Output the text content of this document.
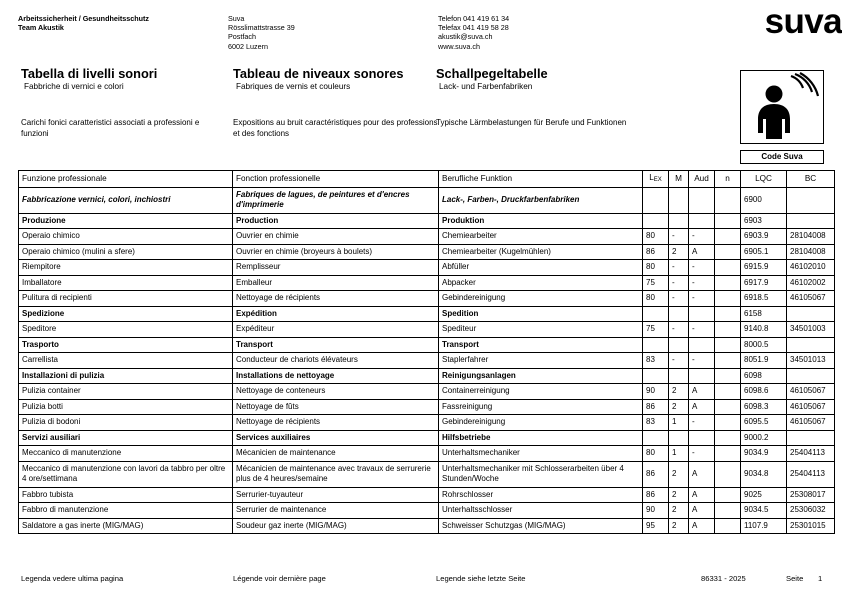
Arbeitssicherheit / Gesundheitsschutz
Team Akustik
Suva
Rösslimattstrasse 39
Postfach
6002 Luzern
Telefon 041 419 61 34
Telefax 041 419 58 28
akustik@suva.ch
www.suva.ch
suva
Tabella di livelli sonori
Fabbriche di vernici e colori
Tableau de niveaux sonores
Fabriques de vernis et couleurs
Schallpegeltabelle
Lack- und Farbenfabriken
Carichi fonici caratteristici associati a professioni e funzioni
Expositions au bruit caractéristiques pour des professions et des fonctions
Typische Lärmbelastungen für Berufe und Funktionen
Code Suva
Funzione professionale	Fonction professionelle	Berufliche Funktion	$L_{EX}$	M	Aud	n	LQC	BC
Fabbricazione vernici, colori, inchiostri	Fabriques de lagues, de peintures et d'encres d'imprimerie	Lack-, Farben-, Druckfarbenfabriken					6900	
Produzione	Production	Produktion					6903	
Operaio chimico	Ouvrier en chimie	Chemiearbeiter	80	-	-		6903.9	28104008
Operaio chimico (mulini a sfere)	Ouvrier en chimie (broyeurs à boulets)	Chemiearbeiter (Kugelmühlen)	86	2	A		6905.1	28104008
Riempitore	Remplisseur	Abfüller	80	-	-		6915.9	46102010
Imballatore	Emballeur	Abpacker	75	-	-		6917.9	46102002
Pulitura di recipienti	Nettoyage de récipients	Gebindereinigung	80	-	-		6918.5	46105067
Spedizione	Expédition	Spedition					6158	
Speditore	Expéditeur	Spediteur	75	-	-		9140.8	34501003
Trasporto	Transport	Transport					8000.5	
Carrellista	Conducteur de chariots élévateurs	Staplerfahrer	83	-	-		8051.9	34501013
Installazioni di pulizia	Installations de nettoyage	Reinigungsanlagen					6098	
Pulizia container	Nettoyage de conteneurs	Containerreinigung	90	2	A		6098.6	46105067
Pulizia botti	Nettoyage de fûts	Fassreinigung	86	2	A		6098.3	46105067
Pulizia di bodoni	Nettoyage de récipients	Gebindereinigung	83	1	-		6095.5	46105067
Servizi ausiliari	Services auxiliaires	Hilfsbetriebe					9000.2	
Meccanico di manutenzione	Mécanicien de maintenance	Unterhaltsmechaniker	80	1	-		9034.9	25404113
Meccanico di manutenzione con lavori da tabbro per oltre 4 ore/settimana	Mécanicien de maintenance avec travaux de serrurerie plus de 4 heures/semaine	Unterhaltsmechaniker mit Schlosserarbeiten über 4 Stunden/Woche	86	2	A		9034.8	25404113
Fabbro tubista	Serrurier-tuyauteur	Rohrschlosser	86	2	A		9025	25308017
Fabbro di manutenzione	Serrurier de maintenance	Unterhaltsschlosser	90	2	A		9034.5	25306032
Saldatore a gas inerte (MIG/MAG)	Soudeur gaz inerte (MIG/MAG)	Schweisser Schutzgas (MIG/MAG)	95	2	A		1107.9	25301015
Legenda vedere ultima pagina	Légende voir dernière page	Legende siehe letzte Seite	86331 - 2025	Seite 1
